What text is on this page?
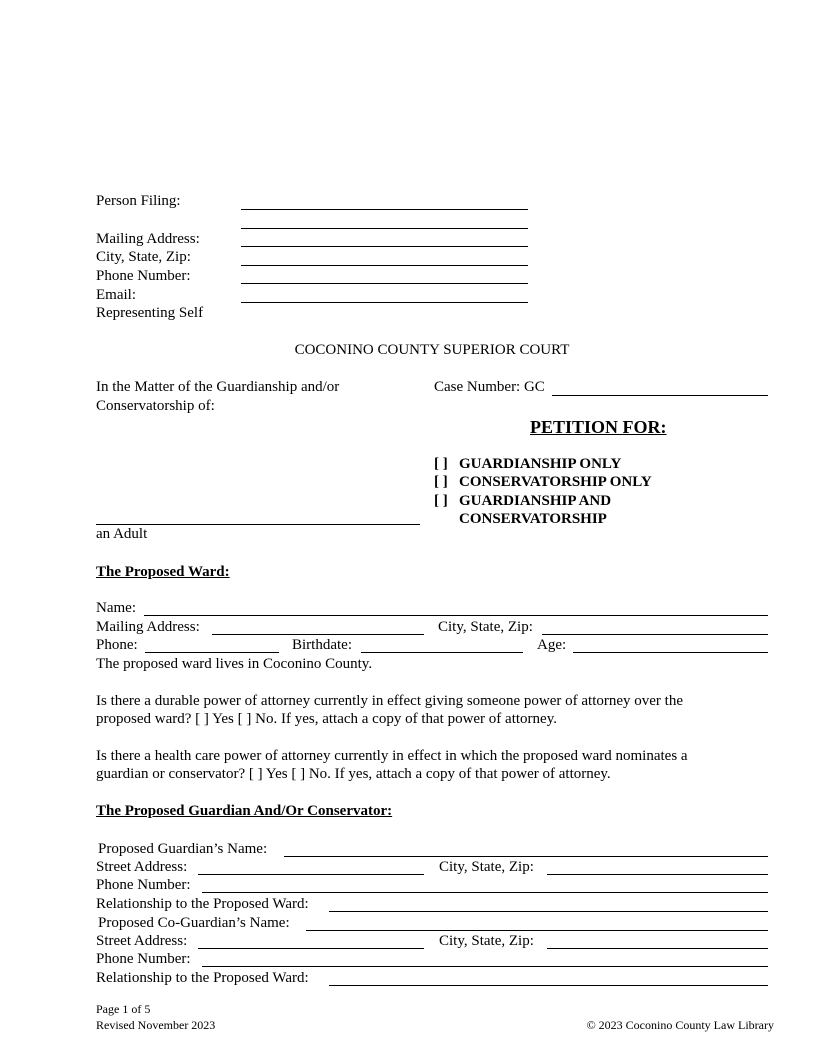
Person Filing:
Mailing Address:
City, State, Zip:
Phone Number:
Email:
Representing Self
COCONINO COUNTY SUPERIOR COURT
In the Matter of the Guardianship and/or
Conservatorship of:
an Adult
Case Number: GC
PETITION FOR:
[ ] GUARDIANSHIP ONLY
[ ] CONSERVATORSHIP ONLY
[ ] GUARDIANSHIP AND
CONSERVATORSHIP
The Proposed Ward:
Name:
Mailing Address:	City, State, Zip:
Phone:	Birthdate:	Age:
The proposed ward lives in Coconino County.
Is there a durable power of attorney currently in effect giving someone power of attorney over the proposed ward? [ ] Yes [ ] No. If yes, attach a copy of that power of attorney.
Is there a health care power of attorney currently in effect in which the proposed ward nominates a guardian or conservator? [ ] Yes [ ] No. If yes, attach a copy of that power of attorney.
The Proposed Guardian And/Or Conservator:
Proposed Guardian’s Name:
Street Address:	City, State, Zip:
Phone Number:
Relationship to the Proposed Ward:
Proposed Co-Guardian’s Name:
Street Address:	City, State, Zip:
Phone Number:
Relationship to the Proposed Ward:
Page 1 of 5
Revised November 2023	© 2023 Coconino County Law Library
